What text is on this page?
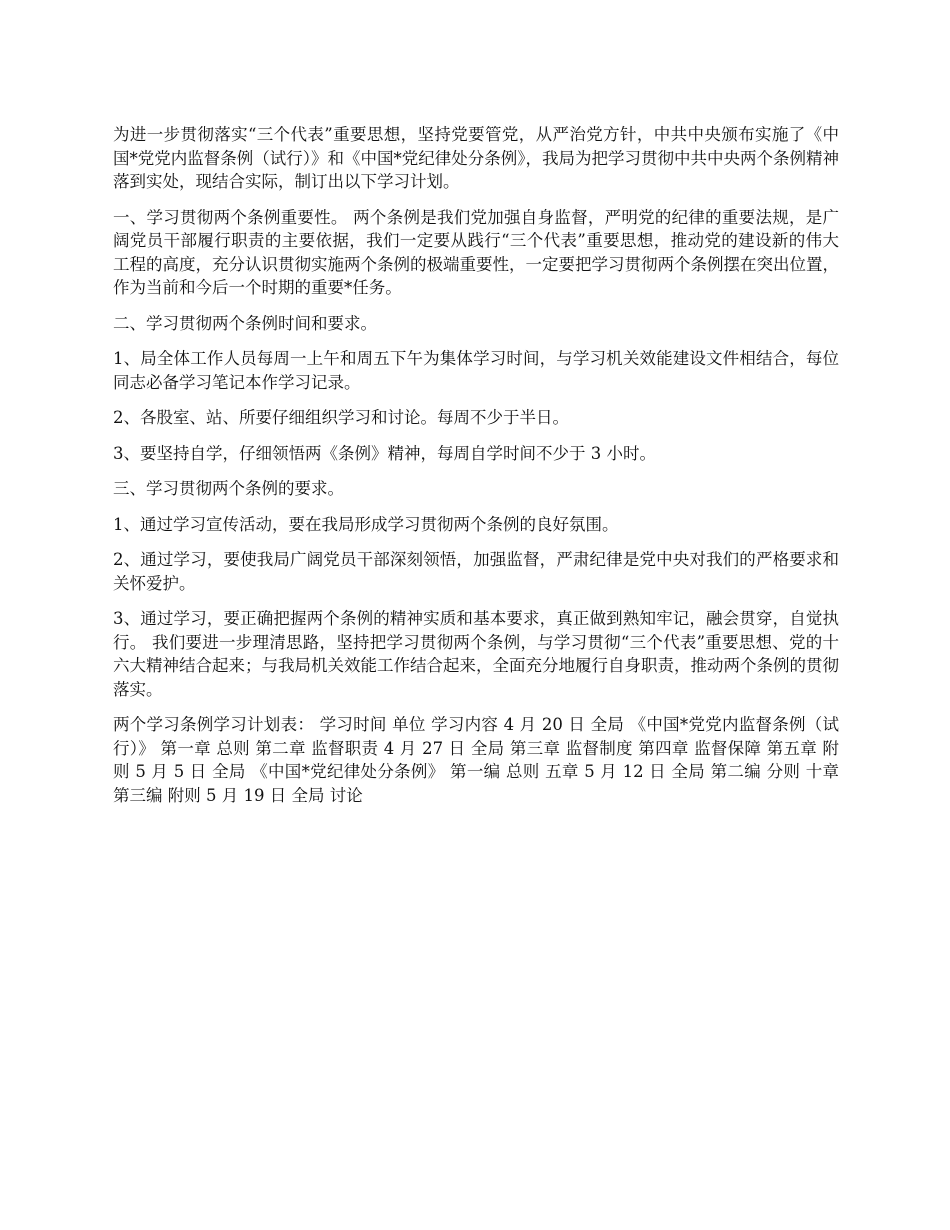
为进一步贯彻落实“三个代表”重要思想，坚持党要管党，从严治党方针，中共中央颁布实施了《中国*党党内监督条例（试行）》和《中国*党纪律处分条例》，我局为把学习贯彻中共中央两个条例精神落到实处，现结合实际，制订出以下学习计划。

一、学习贯彻两个条例重要性。 两个条例是我们党加强自身监督，严明党的纪律的重要法规，是广阔党员干部履行职责的主要依据，我们一定要从践行“三个代表”重要思想，推动党的建设新的伟大工程的高度，充分认识贯彻实施两个条例的极端重要性，一定要把学习贯彻两个条例摆在突出位置，作为当前和今后一个时期的重要*任务。

二、学习贯彻两个条例时间和要求。

1、局全体工作人员每周一上午和周五下午为集体学习时间，与学习机关效能建设文件相结合，每位同志必备学习笔记本作学习记录。

2、各股室、站、所要仔细组织学习和讨论。每周不少于半日。

3、要坚持自学，仔细领悟两《条例》精神，每周自学时间不少于 3 小时。

三、学习贯彻两个条例的要求。

1、通过学习宣传活动，要在我局形成学习贯彻两个条例的良好氛围。

2、通过学习，要使我局广阔党员干部深刻领悟，加强监督，严肃纪律是党中央对我们的严格要求和关怀爱护。

3、通过学习，要正确把握两个条例的精神实质和基本要求，真正做到熟知牢记，融会贯穿，自觉执行。 我们要进一步理清思路，坚持把学习贯彻两个条例，与学习贯彻“三个代表”重要思想、党的十六大精神结合起来；与我局机关效能工作结合起来，全面充分地履行自身职责，推动两个条例的贯彻落实。

两个学习条例学习计划表： 学习时间 单位 学习内容 4 月 20 日 全局 《中国*党党内监督条例（试行）》 第一章 总则 第二章 监督职责 4 月 27 日 全局 第三章 监督制度 第四章 监督保障 第五章 附则 5 月 5 日 全局 《中国*党纪律处分条例》 第一编 总则 五章 5 月 12 日 全局 第二编 分则 十章 第三编 附则 5 月 19 日 全局 讨论
